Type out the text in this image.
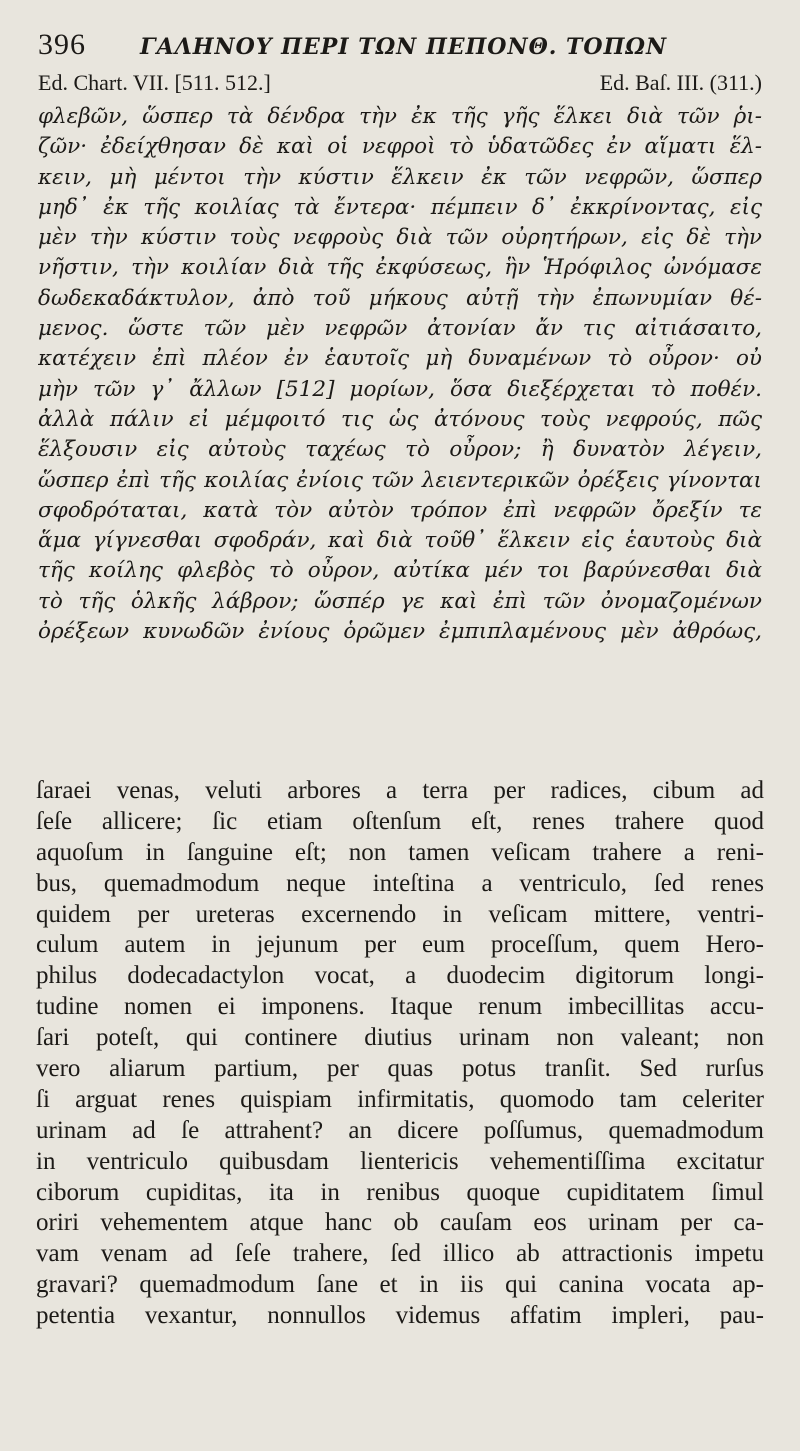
396	ΓΑΛΗΝΟΥ ΠΕΡΙ ΤΩΝ ΠΕΠΟΝΘ. ΤΟΠΩΝ
Ed. Chart. VII. [511. 512.]	Ed. Baſ. III. (311.)
φλεβῶν, ὥσπερ τὰ δένδρα τὴν ἐκ τῆς γῆς ἕλκει διὰ τῶν ῥι-
ζῶν· ἐδείχθησαν δὲ καὶ οἱ νεφροὶ τὸ ὑδατῶδες ἐν αἵματι ἕλ-
κειν, μὴ μέντοι τὴν κύστιν ἕλκειν ἐκ τῶν νεφρῶν, ὥσπερ
μηδ᾽ ἐκ τῆς κοιλίας τὰ ἔντερα· πέμπειν δ᾽ ἐκκρίνοντας, εἰς
μὲν τὴν κύστιν τοὺς νεφροὺς διὰ τῶν οὐρητήρων, εἰς δὲ τὴν
νῆστιν, τὴν κοιλίαν διὰ τῆς ἐκφύσεως, ἣν Ἡρόφιλος ὠνόμασε
δωδεκαδάκτυλον, ἀπὸ τοῦ μήκους αὐτῇ τὴν ἐπωνυμίαν θέ-
μενος. ὥστε τῶν μὲν νεφρῶν ἀτονίαν ἄν τις αἰτιάσαιτο,
κατέχειν ἐπὶ πλέον ἐν ἑαυτοῖς μὴ δυναμένων τὸ οὖρον· οὐ
μὴν τῶν γ᾽ ἄλλων [512] μορίων, ὅσα διεξέρχεται τὸ ποθέν.
ἀλλὰ πάλιν εἰ μέμφοιτό τις ὡς ἀτόνους τοὺς νεφρούς, πῶς
ἕλξουσιν εἰς αὐτοὺς ταχέως τὸ οὖρον; ἢ δυνατὸν λέγειν,
ὥσπερ ἐπὶ τῆς κοιλίας ἐνίοις τῶν λειεντερικῶν ὀρέξεις γίνονται
σφοδρόταται, κατὰ τὸν αὐτὸν τρόπον ἐπὶ νεφρῶν ὄρεξίν τε
ἅμα γίγνεσθαι σφοδράν, καὶ διὰ τοῦθ᾽ ἕλκειν εἰς ἑαυτοὺς διὰ
τῆς κοίλης φλεβὸς τὸ οὖρον, αὐτίκα μέν τοι βαρύνεσθαι διὰ
τὸ τῆς ὁλκῆς λάβρον; ὥσπέρ γε καὶ ἐπὶ τῶν ὀνομαζομένων
ὀρέξεων κυνωδῶν ἐνίους ὁρῶμεν ἐμπιπλαμένους μὲν ἀθρόως,
ſaraei venas, veluti arbores a terra per radices, cibum ad
ſeſe allicere; ſic etiam oſtenſum eſt, renes trahere quod
aquoſum in ſanguine eſt; non tamen veſicam trahere a reni-
bus, quemadmodum neque inteſtina a ventriculo, ſed renes
quidem per ureteras excernendo in veſicam mittere, ventri-
culum autem in jejunum per eum proceſſum, quem Hero-
philus dodecadactylon vocat, a duodecim digitorum longi-
tudine nomen ei imponens. Itaque renum imbecillitas accu-
ſari poteſt, qui continere diutius urinam non valeant; non
vero aliarum partium, per quas potus tranſit. Sed rurſus
ſi arguat renes quispiam infirmitatis, quomodo tam celeriter
urinam ad ſe attrahent? an dicere poſſumus, quemadmodum
in ventriculo quibusdam lientericis vehementiſſima excitatur
ciborum cupiditas, ita in renibus quoque cupiditatem ſimul
oriri vehementem atque hanc ob cauſam eos urinam per ca-
vam venam ad ſeſe trahere, ſed illico ab attractionis impetu
gravari? quemadmodum ſane et in iis qui canina vocata ap-
petentia vexantur, nonnullos videmus affatim impleri, pau-
